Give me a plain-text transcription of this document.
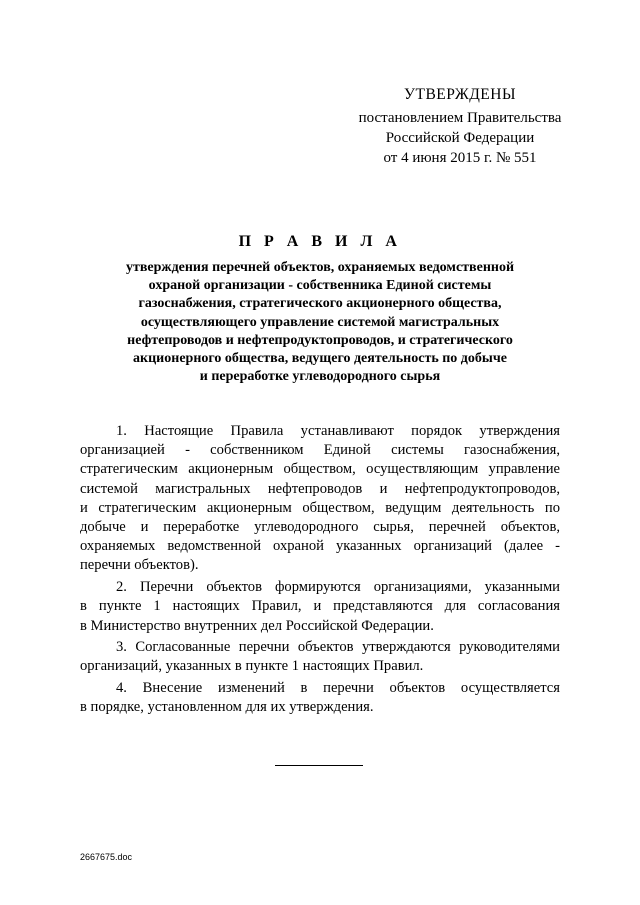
УТВЕРЖДЕНЫ
постановлением Правительства
Российской Федерации
от 4 июня 2015 г. № 551
П Р А В И Л А
утверждения перечней объектов, охраняемых ведомственной
охраной организации - собственника Единой системы
газоснабжения, стратегического акционерного общества,
осуществляющего управление системой магистральных
нефтепроводов и нефтепродуктопроводов, и стратегического
акционерного общества, ведущего деятельность по добыче
и переработке углеводородного сырья
1. Настоящие Правила устанавливают порядок утверждения
организацией - собственником Единой системы газоснабжения,
стратегическим акционерным обществом, осуществляющим управление
системой магистральных нефтепроводов и нефтепродуктопроводов,
и стратегическим акционерным обществом, ведущим деятельность по
добыче и переработке углеводородного сырья, перечней объектов,
охраняемых ведомственной охраной указанных организаций (далее -
перечни объектов).
2. Перечни объектов формируются организациями, указанными
в пункте 1 настоящих Правил, и представляются для согласования
в Министерство внутренних дел Российской Федерации.
3. Согласованные перечни объектов утверждаются руководителями
организаций, указанных в пункте 1 настоящих Правил.
4. Внесение изменений в перечни объектов осуществляется
в порядке, установленном для их утверждения.
2667675.doc
